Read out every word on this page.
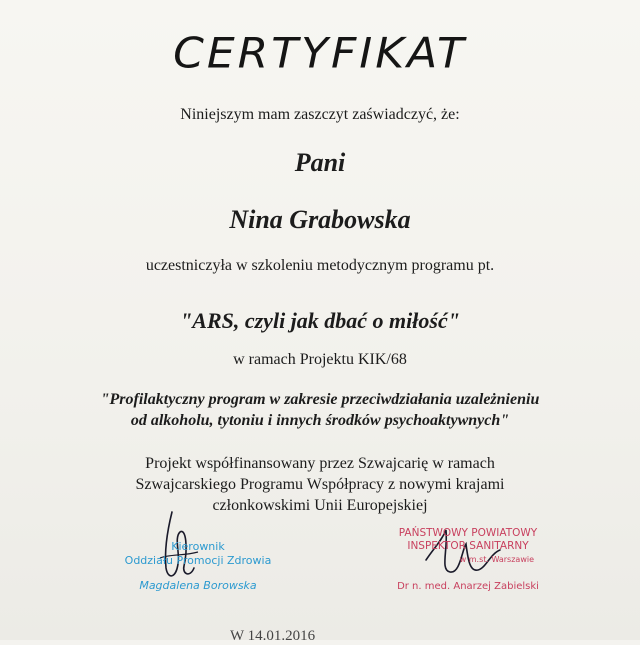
CERTYFIKAT
Niniejszym mam zaszczyt zaświadczyć, że:
Pani
Nina Grabowska
uczestniczyła w szkoleniu metodycznym programu pt.
"ARS, czyli jak dbać o miłość"
w ramach Projektu KIK/68
"Profilaktyczny program w zakresie przeciwdziałania uzależnieniu
od alkoholu, tytoniu i innych środków psychoaktywnych"
Projekt współfinansowany przez Szwajcarię w ramach
Szwajcarskiego Programu Współpracy z nowymi krajami
członkowskimi Unii Europejskiej
Kierownik
Oddziału Promocji Zdrowia
Magdalena Borowska
PAŃSTWOWY POWIATOWY
INSPEKTOR SANITARNY
w m.st. Warszawie
Dr n. med. Anarzej Zabielski
W 14.01.2016
